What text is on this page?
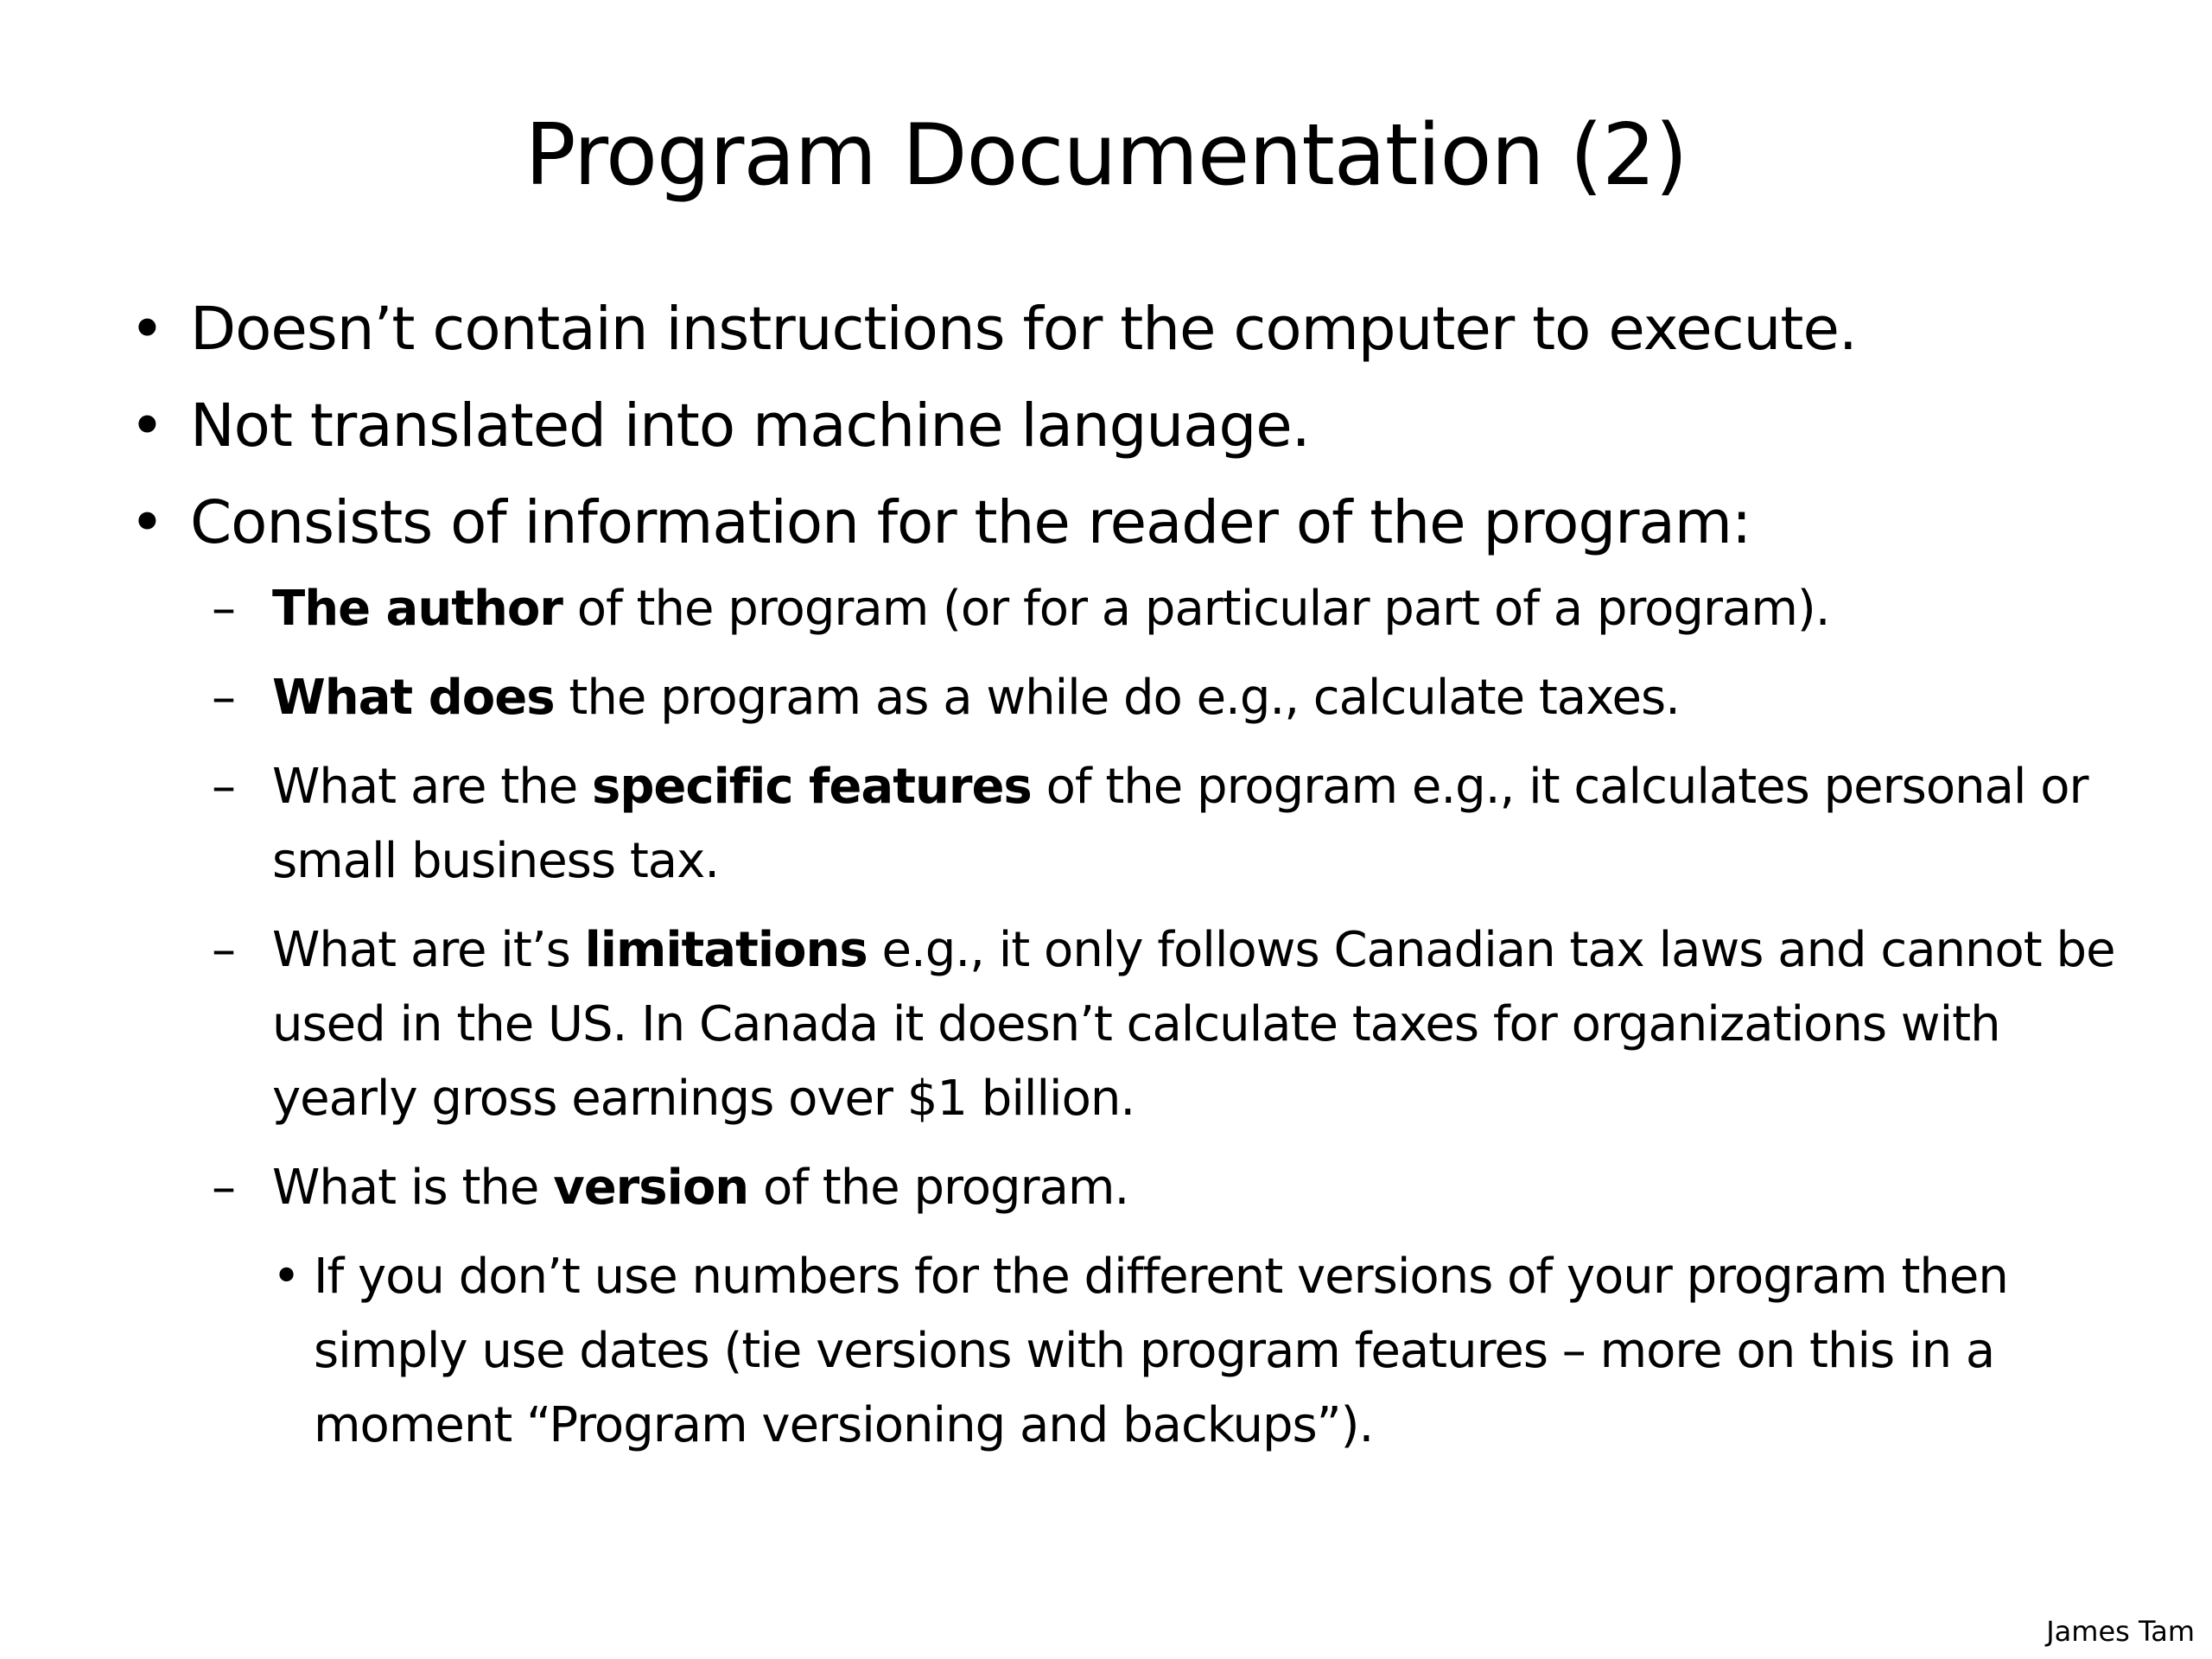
Program Documentation (2)
• Doesn’t contain instructions for the computer to execute.
• Not translated into machine language.
• Consists of information for the reader of the program:
– The author of the program (or for a particular part of a program).
– What does the program as a while do e.g., calculate taxes.
– What are the specific features of the program e.g., it calculates personal or small business tax.
– What are it’s limitations e.g., it only follows Canadian tax laws and cannot be used in the US. In Canada it doesn’t calculate taxes for organizations with yearly gross earnings over $1 billion.
– What is the version of the program.
• If you don’t use numbers for the different versions of your program then simply use dates (tie versions with program features – more on this in a moment “Program versioning and backups”).
James Tam
